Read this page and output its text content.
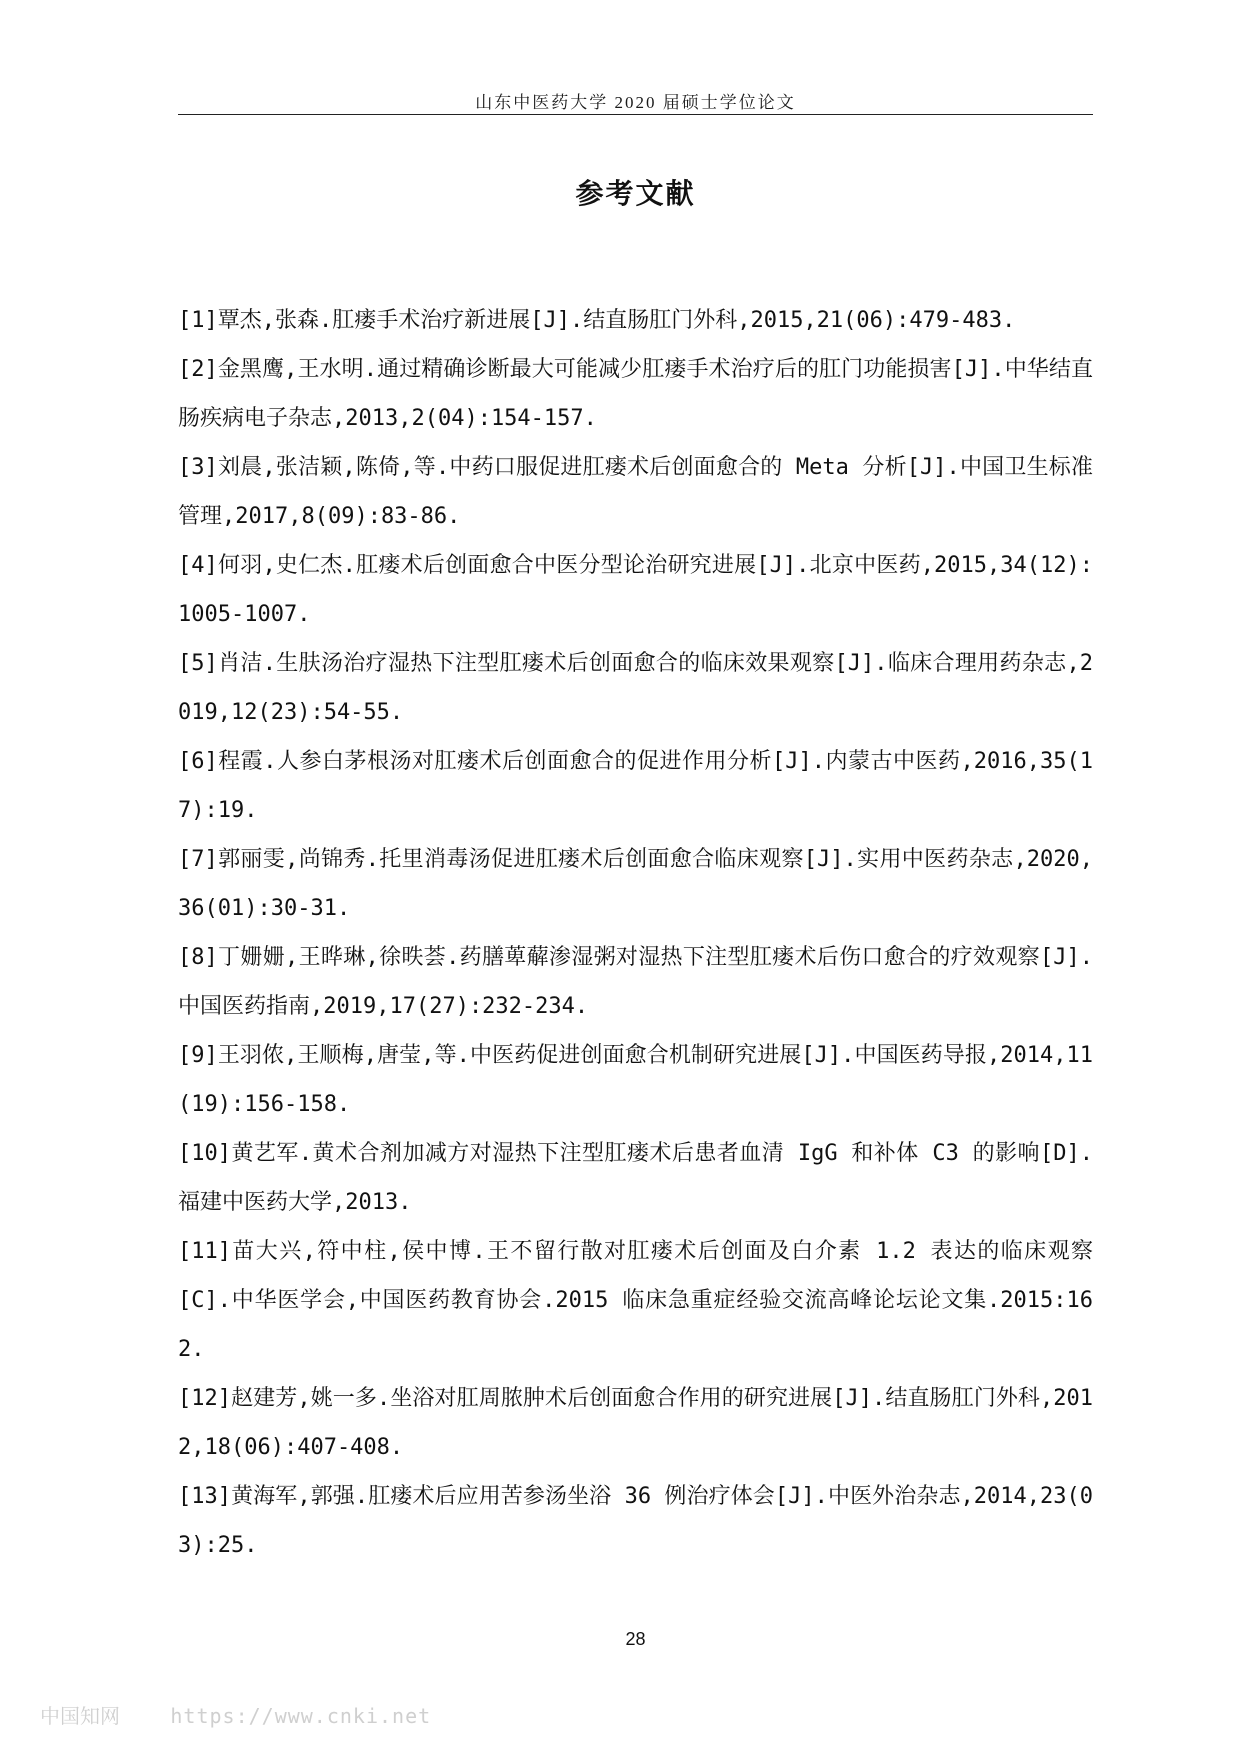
山东中医药大学 2020 届硕士学位论文
参考文献
[1]覃杰,张森.肛瘘手术治疗新进展[J].结直肠肛门外科,2015,21(06):479-483.
[2]金黑鹰,王水明.通过精确诊断最大可能减少肛瘘手术治疗后的肛门功能损害[J].中华结直肠疾病电子杂志,2013,2(04):154-157.
[3]刘晨,张洁颖,陈倚,等.中药口服促进肛瘘术后创面愈合的 Meta 分析[J].中国卫生标准管理,2017,8(09):83-86.
[4]何羽,史仁杰.肛瘘术后创面愈合中医分型论治研究进展[J].北京中医药,2015,34(12):1005-1007.
[5]肖洁.生肤汤治疗湿热下注型肛瘘术后创面愈合的临床效果观察[J].临床合理用药杂志,2019,12(23):54-55.
[6]程霞.人参白茅根汤对肛瘘术后创面愈合的促进作用分析[J].内蒙古中医药,2016,35(17):19.
[7]郭丽雯,尚锦秀.托里消毒汤促进肛瘘术后创面愈合临床观察[J].实用中医药杂志,2020,36(01):30-31.
[8]丁姗姗,王晔琳,徐昳荟.药膳萆薢渗湿粥对湿热下注型肛瘘术后伤口愈合的疗效观察[J].中国医药指南,2019,17(27):232-234.
[9]王羽侬,王顺梅,唐莹,等.中医药促进创面愈合机制研究进展[J].中国医药导报,2014,11(19):156-158.
[10]黄艺军.黄术合剂加减方对湿热下注型肛瘘术后患者血清 IgG 和补体 C3 的影响[D].福建中医药大学,2013.
[11]苗大兴,符中柱,侯中博.王不留行散对肛瘘术后创面及白介素 1.2 表达的临床观察[C].中华医学会,中国医药教育协会.2015 临床急重症经验交流高峰论坛论文集.2015:162.
[12]赵建芳,姚一多.坐浴对肛周脓肿术后创面愈合作用的研究进展[J].结直肠肛门外科,2012,18(06):407-408.
[13]黄海军,郭强.肛瘘术后应用苦参汤坐浴 36 例治疗体会[J].中医外治杂志,2014,23(03):25.
28
中国知网	https://www.cnki.net
